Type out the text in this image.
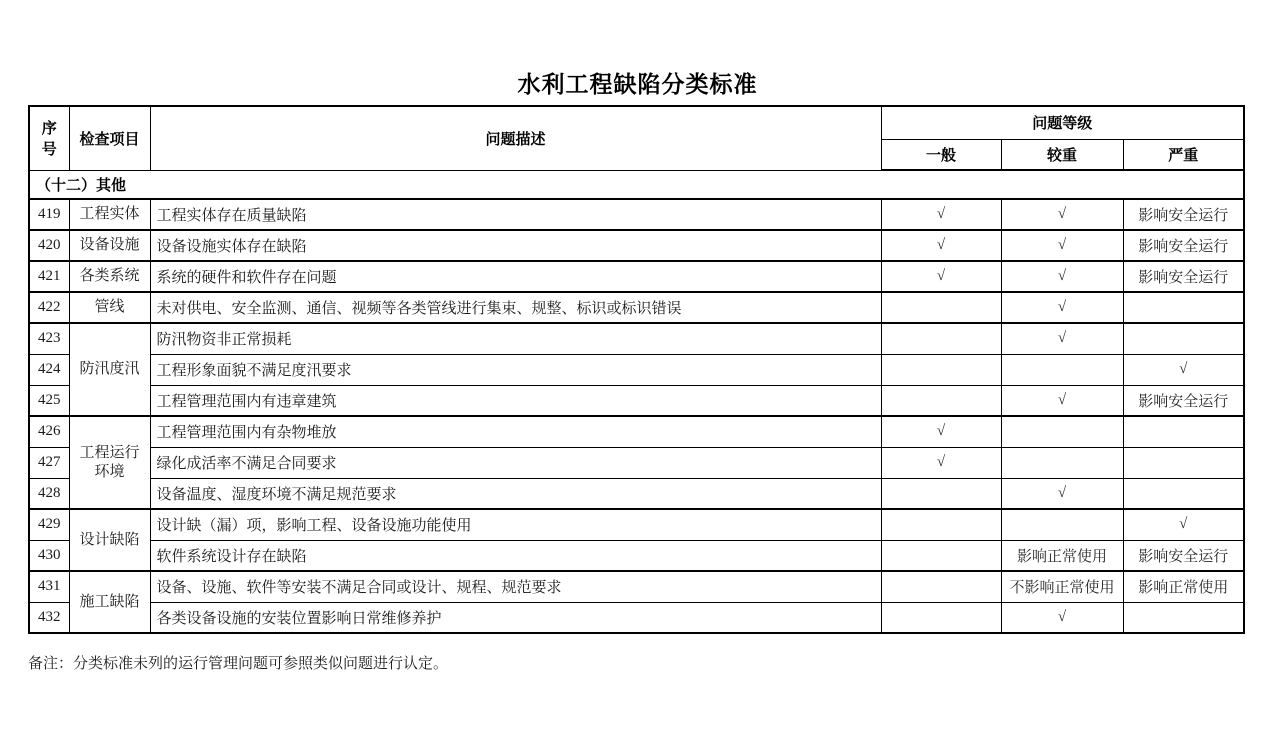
水利工程缺陷分类标准
序号	检查项目	问题描述	问题等级		
			一般	较重	严重
（十二）其他					
419	工程实体	工程实体存在质量缺陷	√	√	影响安全运行
420	设备设施	设备设施实体存在缺陷	√	√	影响安全运行
421	各类系统	系统的硬件和软件存在问题	√	√	影响安全运行
422	管线	未对供电、安全监测、通信、视频等各类管线进行集束、规整、标识或标识错误		√	
423	防汛度汛	防汛物资非正常损耗		√	
424		工程形象面貌不满足度汛要求			√
425		工程管理范围内有违章建筑		√	影响安全运行
426	工程运行环境	工程管理范围内有杂物堆放	√		
427		绿化成活率不满足合同要求	√		
428		设备温度、湿度环境不满足规范要求		√	
429	设计缺陷	设计缺（漏）项，影响工程、设备设施功能使用			√
430		软件系统设计存在缺陷		影响正常使用	影响安全运行
431	施工缺陷	设备、设施、软件等安装不满足合同或设计、规程、规范要求		不影响正常使用	影响正常使用
432		各类设备设施的安装位置影响日常维修养护		√	
备注：分类标准未列的运行管理问题可参照类似问题进行认定。
